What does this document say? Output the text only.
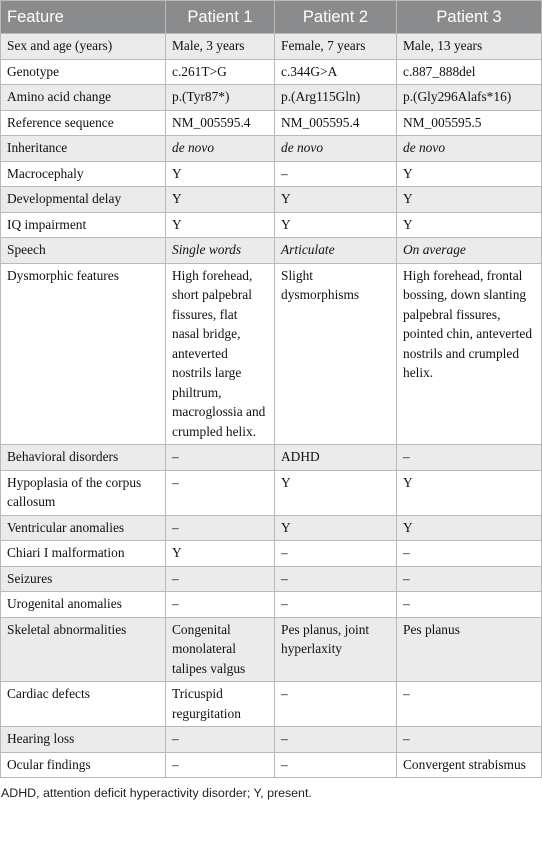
Feature	Patient 1	Patient 2	Patient 3
Sex and age (years)	Male, 3 years	Female, 7 years	Male, 13 years
Genotype	c.261T>G	c.344G>A	c.887_888del
Amino acid change	p.(Tyr87*)	p.(Arg115Gln)	p.(Gly296Alafs*16)
Reference sequence	NM_005595.4	NM_005595.4	NM_005595.5
Inheritance	de novo	de novo	de novo
Macrocephaly	Y	–	Y
Developmental delay	Y	Y	Y
IQ impairment	Y	Y	Y
Speech	Single words	Articulate	On average
Dysmorphic features	High forehead, short palpebral fissures, flat nasal bridge, anteverted nostrils large philtrum, macroglossia and crumpled helix.	Slight dysmorphisms	High forehead, frontal bossing, down slanting palpebral fissures, pointed chin, anteverted nostrils and crumpled helix.
Behavioral disorders	–	ADHD	–
Hypoplasia of the corpus callosum	–	Y	Y
Ventricular anomalies	–	Y	Y
Chiari I malformation	Y	–	–
Seizures	–	–	–
Urogenital anomalies	–	–	–
Skeletal abnormalities	Congenital monolateral talipes valgus	Pes planus, joint hyperlaxity	Pes planus
Cardiac defects	Tricuspid regurgitation	–	–
Hearing loss	–	–	–
Ocular findings	–	–	Convergent strabismus
ADHD, attention deficit hyperactivity disorder; Y, present.
